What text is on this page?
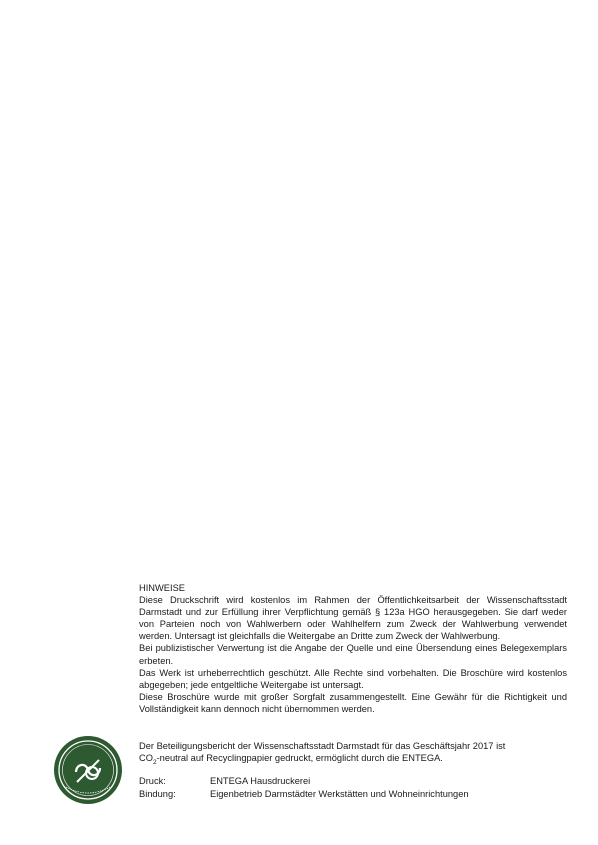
HINWEISE

Diese Druckschrift wird kostenlos im Rahmen der Öffentlichkeitsarbeit der Wissenschaftsstadt Darmstadt und zur Erfüllung ihrer Verpflichtung gemäß § 123a HGO herausgegeben. Sie darf weder von Parteien noch von Wahlwerbern oder Wahlhelfern zum Zweck der Wahlwerbung verwendet werden. Untersagt ist gleichfalls die Weitergabe an Dritte zum Zweck der Wahlwerbung.

Bei publizistischer Verwertung ist die Angabe der Quelle und eine Übersendung eines Belegexemplars erbeten.

Das Werk ist urheberrechtlich geschützt. Alle Rechte sind vorbehalten. Die Broschüre wird kostenlos abgegeben; jede entgeltliche Weitergabe ist untersagt.

Diese Broschüre wurde mit großer Sorgfalt zusammengestellt. Eine Gewähr für die Richtigkeit und Vollständigkeit kann dennoch nicht übernommen werden.

Der Beteiligungsbericht der Wissenschaftsstadt Darmstadt für das Geschäftsjahr 2017 ist

$CO_2$-neutral auf Recyclingpapier gedruckt, ermöglicht durch die ENTEGA.

Druck:	ENTEGA Hausdruckerei
Bindung:	Eigenbetrieb Darmstädter Werkstätten und Wohneinrichtungen
